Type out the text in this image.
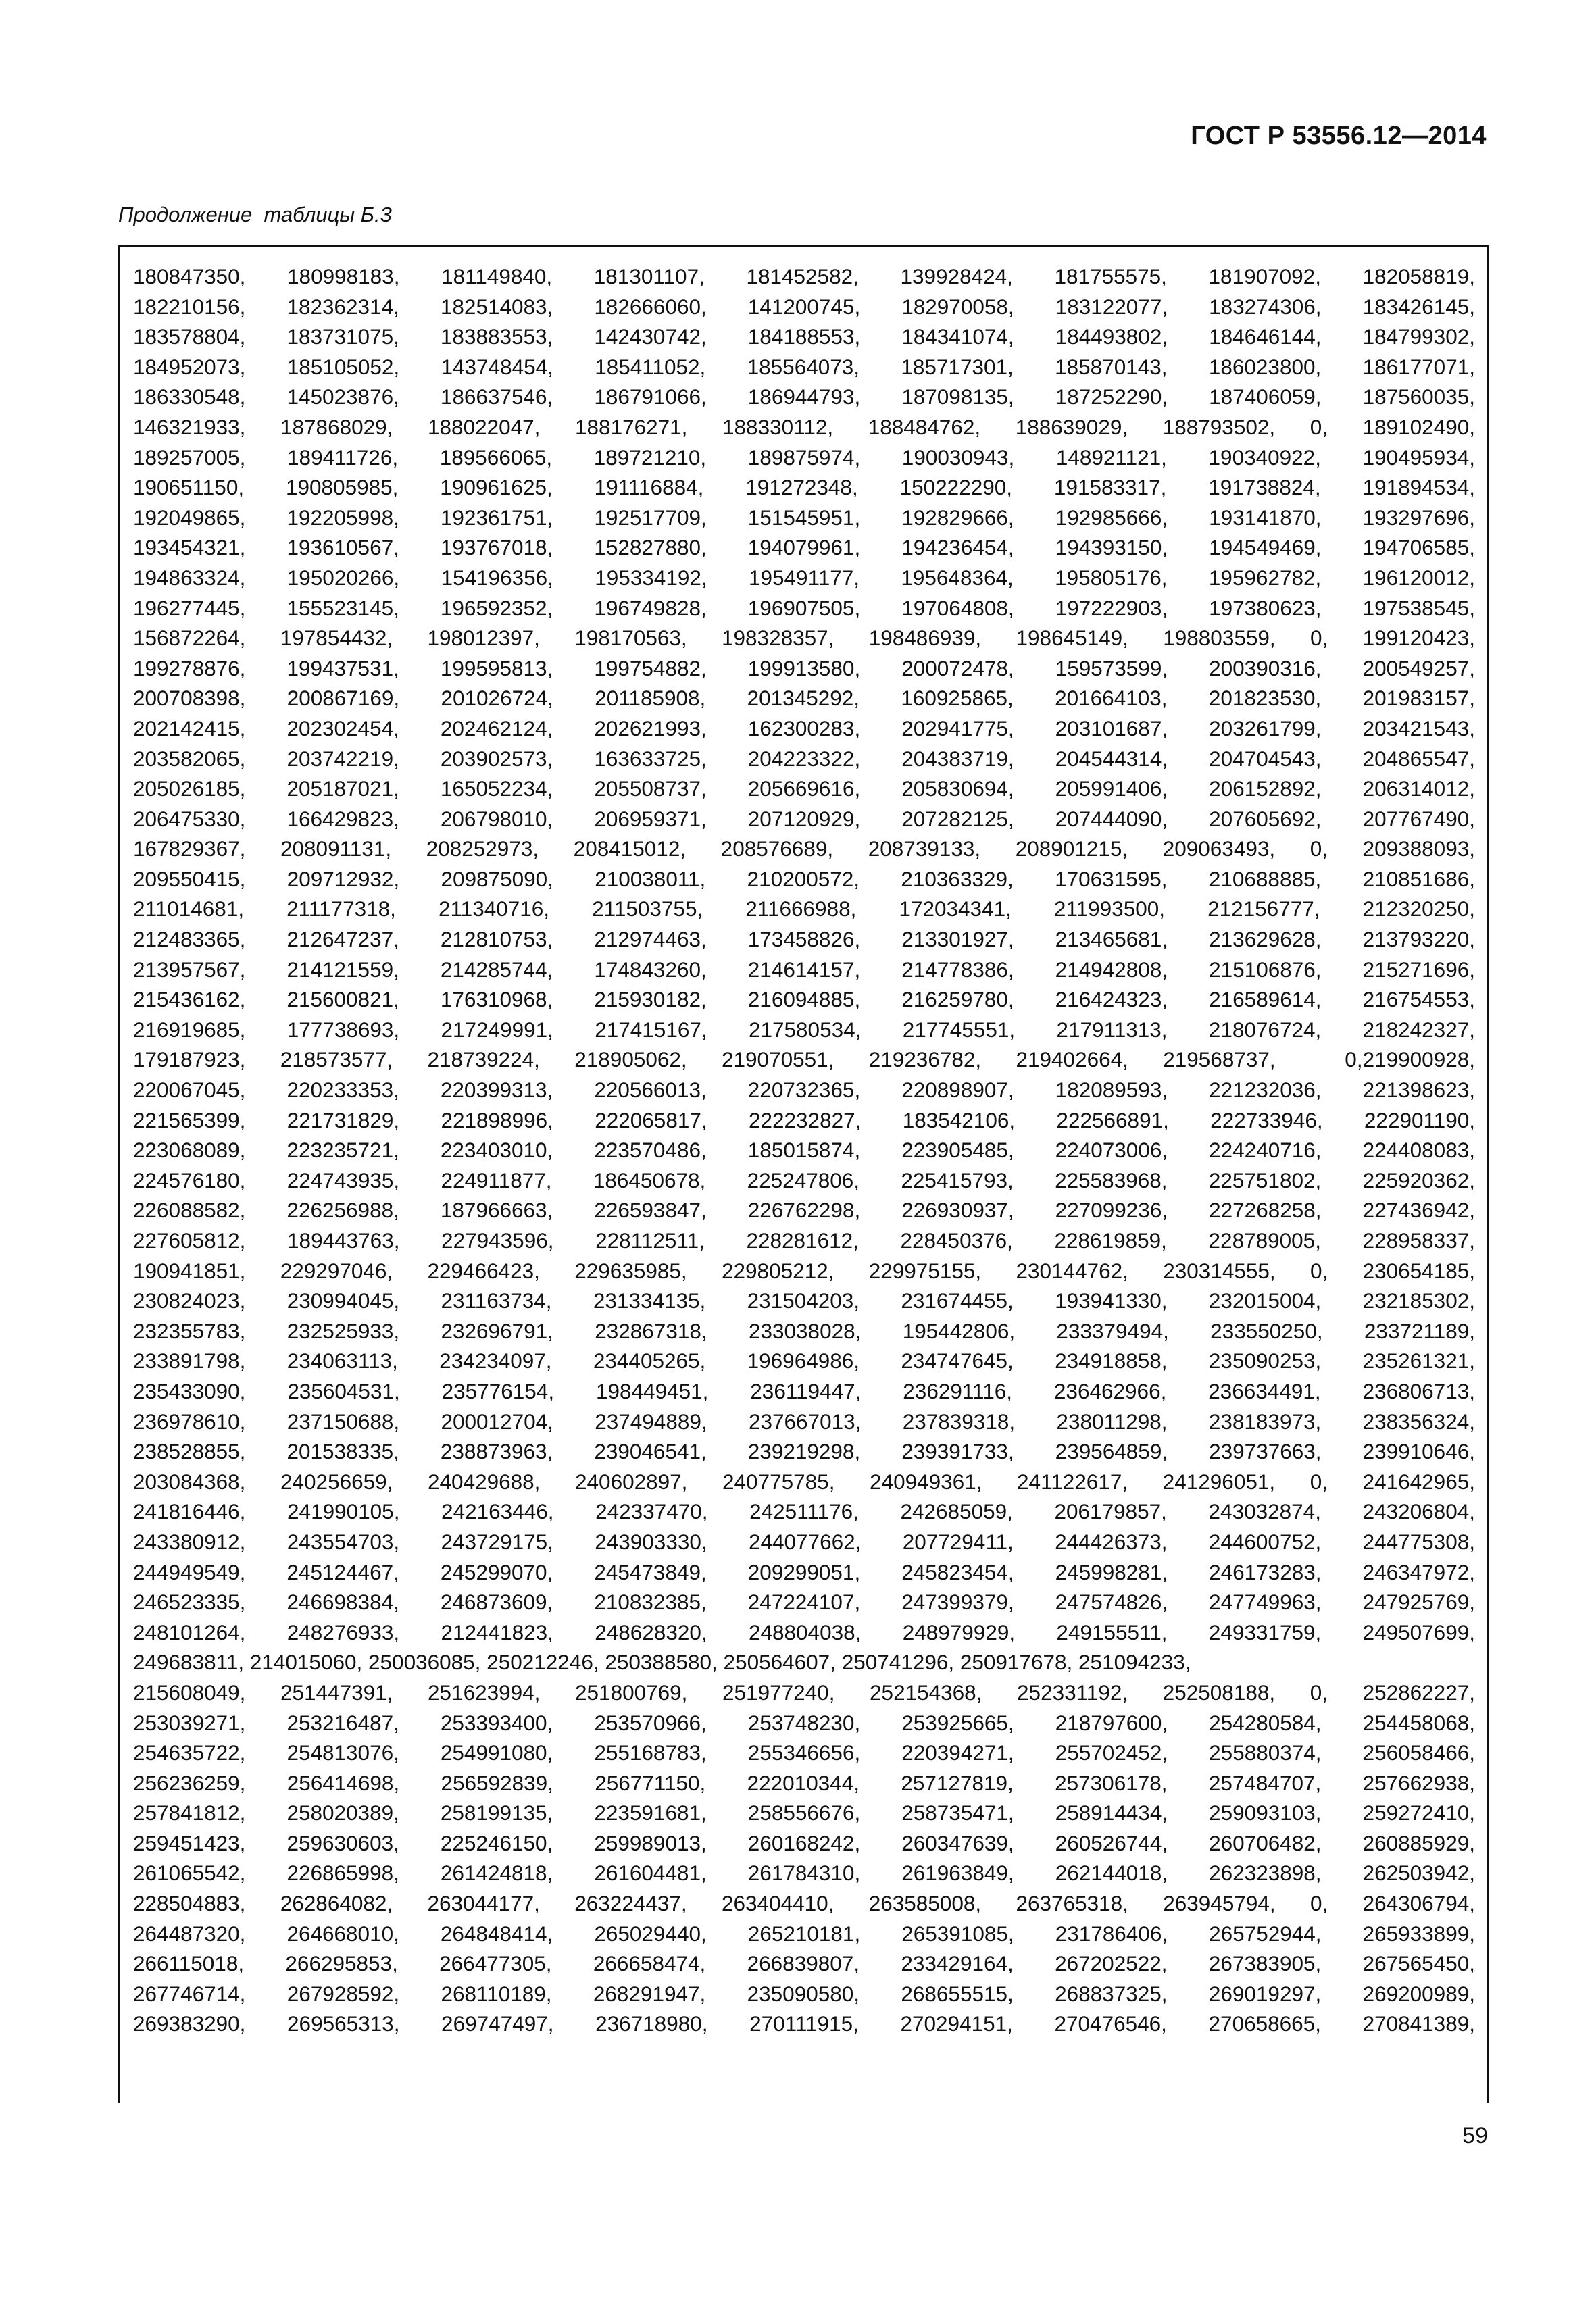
ГОСТ Р 53556.12—2014
Продолжение  таблицы Б.3
180847350, 180998183, 181149840, 181301107, 181452582, 139928424, 181755575, 181907092, 182058819,
182210156, 182362314, 182514083, 182666060, 141200745, 182970058, 183122077, 183274306, 183426145,
183578804, 183731075, 183883553, 142430742, 184188553, 184341074, 184493802, 184646144, 184799302,
184952073, 185105052, 143748454, 185411052, 185564073, 185717301, 185870143, 186023800, 186177071,
186330548, 145023876, 186637546, 186791066, 186944793, 187098135, 187252290, 187406059, 187560035,
146321933, 187868029, 188022047, 188176271, 188330112, 188484762, 188639029, 188793502, 0, 189102490,
189257005, 189411726, 189566065, 189721210, 189875974, 190030943, 148921121, 190340922, 190495934,
190651150, 190805985, 190961625, 191116884, 191272348, 150222290, 191583317, 191738824, 191894534,
192049865, 192205998, 192361751, 192517709, 151545951, 192829666, 192985666, 193141870, 193297696,
193454321, 193610567, 193767018, 152827880, 194079961, 194236454, 194393150, 194549469, 194706585,
194863324, 195020266, 154196356, 195334192, 195491177, 195648364, 195805176, 195962782, 196120012,
196277445, 155523145, 196592352, 196749828, 196907505, 197064808, 197222903, 197380623, 197538545,
156872264, 197854432, 198012397, 198170563, 198328357, 198486939, 198645149, 198803559, 0, 199120423,
199278876, 199437531, 199595813, 199754882, 199913580, 200072478, 159573599, 200390316, 200549257,
200708398, 200867169, 201026724, 201185908, 201345292, 160925865, 201664103, 201823530, 201983157,
202142415, 202302454, 202462124, 202621993, 162300283, 202941775, 203101687, 203261799, 203421543,
203582065, 203742219, 203902573, 163633725, 204223322, 204383719, 204544314, 204704543, 204865547,
205026185, 205187021, 165052234, 205508737, 205669616, 205830694, 205991406, 206152892, 206314012,
206475330, 166429823, 206798010, 206959371, 207120929, 207282125, 207444090, 207605692, 207767490,
167829367, 208091131, 208252973, 208415012, 208576689, 208739133, 208901215, 209063493, 0, 209388093,
209550415, 209712932, 209875090, 210038011, 210200572, 210363329, 170631595, 210688885, 210851686,
211014681, 211177318, 211340716, 211503755, 211666988, 172034341, 211993500, 212156777, 212320250,
212483365, 212647237, 212810753, 212974463, 173458826, 213301927, 213465681, 213629628, 213793220,
213957567, 214121559, 214285744, 174843260, 214614157, 214778386, 214942808, 215106876, 215271696,
215436162, 215600821, 176310968, 215930182, 216094885, 216259780, 216424323, 216589614, 216754553,
216919685, 177738693, 217249991, 217415167, 217580534, 217745551, 217911313, 218076724, 218242327,
179187923, 218573577, 218739224, 218905062, 219070551, 219236782, 219402664, 219568737,  0,219900928,
220067045, 220233353, 220399313, 220566013, 220732365, 220898907, 182089593, 221232036, 221398623,
221565399, 221731829, 221898996, 222065817, 222232827, 183542106, 222566891, 222733946, 222901190,
223068089, 223235721, 223403010, 223570486, 185015874, 223905485, 224073006, 224240716, 224408083,
224576180, 224743935, 224911877, 186450678, 225247806, 225415793, 225583968, 225751802, 225920362,
226088582, 226256988, 187966663, 226593847, 226762298, 226930937, 227099236, 227268258, 227436942,
227605812, 189443763, 227943596, 228112511, 228281612, 228450376, 228619859, 228789005, 228958337,
190941851, 229297046, 229466423, 229635985, 229805212, 229975155, 230144762, 230314555, 0, 230654185,
230824023, 230994045, 231163734, 231334135, 231504203, 231674455, 193941330, 232015004, 232185302,
232355783, 232525933, 232696791, 232867318, 233038028, 195442806, 233379494, 233550250, 233721189,
233891798, 234063113, 234234097, 234405265, 196964986, 234747645, 234918858, 235090253, 235261321,
235433090, 235604531, 235776154, 198449451, 236119447, 236291116, 236462966, 236634491, 236806713,
236978610, 237150688, 200012704, 237494889, 237667013, 237839318, 238011298, 238183973, 238356324,
238528855, 201538335, 238873963, 239046541, 239219298, 239391733, 239564859, 239737663, 239910646,
203084368, 240256659, 240429688, 240602897, 240775785, 240949361, 241122617, 241296051, 0, 241642965,
241816446, 241990105, 242163446, 242337470, 242511176, 242685059, 206179857, 243032874, 243206804,
243380912, 243554703, 243729175, 243903330, 244077662, 207729411, 244426373, 244600752, 244775308,
244949549, 245124467, 245299070, 245473849, 209299051, 245823454, 245998281, 246173283, 246347972,
246523335, 246698384, 246873609, 210832385, 247224107, 247399379, 247574826, 247749963, 247925769,
248101264, 248276933, 212441823, 248628320, 248804038, 248979929, 249155511, 249331759, 249507699,
249683811, 214015060, 250036085, 250212246, 250388580, 250564607, 250741296, 250917678, 251094233,
215608049, 251447391, 251623994, 251800769, 251977240, 252154368, 252331192, 252508188, 0, 252862227,
253039271, 253216487, 253393400, 253570966, 253748230, 253925665, 218797600, 254280584, 254458068,
254635722, 254813076, 254991080, 255168783, 255346656, 220394271, 255702452, 255880374, 256058466,
256236259, 256414698, 256592839, 256771150, 222010344, 257127819, 257306178, 257484707, 257662938,
257841812, 258020389, 258199135, 223591681, 258556676, 258735471, 258914434, 259093103, 259272410,
259451423, 259630603, 225246150, 259989013, 260168242, 260347639, 260526744, 260706482, 260885929,
261065542, 226865998, 261424818, 261604481, 261784310, 261963849, 262144018, 262323898, 262503942,
228504883, 262864082, 263044177, 263224437, 263404410, 263585008, 263765318, 263945794, 0, 264306794,
264487320, 264668010, 264848414, 265029440, 265210181, 265391085, 231786406, 265752944, 265933899,
266115018, 266295853, 266477305, 266658474, 266839807, 233429164, 267202522, 267383905, 267565450,
267746714, 267928592, 268110189, 268291947, 235090580, 268655515, 268837325, 269019297, 269200989,
269383290, 269565313, 269747497, 236718980, 270111915, 270294151, 270476546, 270658665, 270841389,
59
